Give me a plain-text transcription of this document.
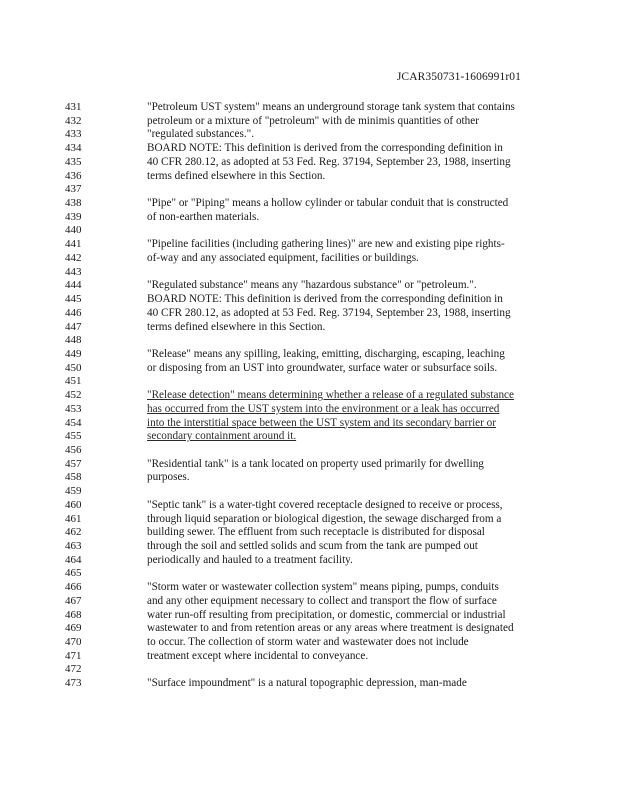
JCAR350731-1606991r01
431	"Petroleum UST system" means an underground storage tank system that contains
432	petroleum or a mixture of "petroleum" with de minimis quantities of other
433	"regulated substances.".
434	BOARD NOTE: This definition is derived from the corresponding definition in
435	40 CFR 280.12, as adopted at 53 Fed. Reg. 37194, September 23, 1988, inserting
436	terms defined elsewhere in this Section.
437
438	"Pipe" or "Piping" means a hollow cylinder or tabular conduit that is constructed
439	of non-earthen materials.
440
441	"Pipeline facilities (including gathering lines)" are new and existing pipe rights-
442	of-way and any associated equipment, facilities or buildings.
443
444	"Regulated substance" means any "hazardous substance" or "petroleum.".
445	BOARD NOTE: This definition is derived from the corresponding definition in
446	40 CFR 280.12, as adopted at 53 Fed. Reg. 37194, September 23, 1988, inserting
447	terms defined elsewhere in this Section.
448
449	"Release" means any spilling, leaking, emitting, discharging, escaping, leaching
450	or disposing from an UST into groundwater, surface water or subsurface soils.
451
452	"Release detection" means determining whether a release of a regulated substance
453	has occurred from the UST system into the environment or a leak has occurred
454	into the interstitial space between the UST system and its secondary barrier or
455	secondary containment around it.
456
457	"Residential tank" is a tank located on property used primarily for dwelling
458	purposes.
459
460	"Septic tank" is a water-tight covered receptacle designed to receive or process,
461	through liquid separation or biological digestion, the sewage discharged from a
462	building sewer. The effluent from such receptacle is distributed for disposal
463	through the soil and settled solids and scum from the tank are pumped out
464	periodically and hauled to a treatment facility.
465
466	"Storm water or wastewater collection system" means piping, pumps, conduits
467	and any other equipment necessary to collect and transport the flow of surface
468	water run-off resulting from precipitation, or domestic, commercial or industrial
469	wastewater to and from retention areas or any areas where treatment is designated
470	to occur. The collection of storm water and wastewater does not include
471	treatment except where incidental to conveyance.
472
473	"Surface impoundment" is a natural topographic depression, man-made
